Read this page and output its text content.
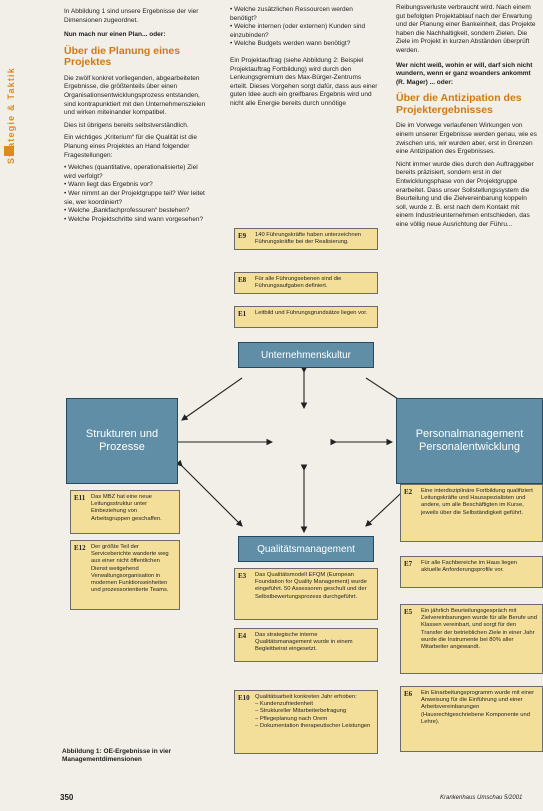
Strategie & Taktik

In Abbildung 1 sind unsere Ergebnisse der vier Dimensionen zugeordnet.

Nun mach nur einen Plan... oder:

Über die Planung eines Projektes

Die zwölf konkret vorliegenden, abgearbeiteten Ergebnisse, die größtenteils über einen Organisationsentwicklungsprozess entstanden, sind kontrapunktiert mit den Unternehmenszielen und wirken miteinander kompatibel.

Dies ist übrigens bereits selbstverständlich.

Ein wichtiges „Kriterium“ für die Qualität ist die Planung eines Projektes an Hand folgender Fragestellungen:

• Welches (quantitative, operationalisierte) Ziel wird verfolgt?
• Wann liegt das Ergebnis vor?
• Wer nimmt an der Projektgruppe teil? Wer leitet sie, wer koordiniert?
• Welche „Bankfachprofessuren“ bestehen?
• Welche Projektschritte sind wann vorgesehen?
• Welche zusätzlichen Ressourcen werden benötigt?
• Welche internen (oder externen) Kunden sind einzubinden?
• Welche Budgets werden wann benötigt?

Ein Projektauftrag (siehe Abbildung 2: Beispiel Projektauftrag Fortbildung) wird durch den Lenkungsgremium des Max-Bürger-Zentrums erteilt. Dieses Vorgehen sorgt dafür, dass aus einer guten Idee auch ein greifbares Ergebnis wird und nicht alle Energie bereits durch unnötige

Reibungsverluste verbraucht wird. Nach einem gut befolgten Projektablauf nach der Erwartung und der Planung einer Bankeinheit, das Projekte haben die Nachhaltigkeit, sondern Zielen. Die Ziele im Projekt in kurzen Abständen überprüft werden.

Wer nicht weiß, wohin er will, darf sich nicht wundern, wenn er ganz woanders ankommt (R. Mager) ... oder:

Über die Antizipation des Projektergebnisses

Die im Vorwege verlaufenen Wirkungen von einem unserer Ergebnisse werden genau, wie es zwischen uns, wir wurden aber, erst in Grenzen eine Antizipation des Ergebnisses.

Nicht immer wurde dies durch den Auftraggeber bereits präzisiert, sondern erst in der Entwicklungsphase von der Projektgruppe erarbeitet. Dass unser Sollstellungssystem die Beurteilung und die Zielvereinbarung koppeln soll, wurde z. B. erst nach dem Kontakt mit einem Industrieunternehmen entschieden, das eine völlig neue Ausrichtung der Führu...

E9 140 Führungskräfte haben unterzeichnen Führungskräfte bei der Realisierung.
E8 Für alle Führungsebenen sind die Führungsaufgaben definiert.
E1 Leitbild und Führungsgrundsätze liegen vor.
Unternehmenskultur
Strukturen und Prozesse
E11 Das MBZ hat eine neue Leitungsstruktur unter Einbeziehung von Arbeitsgruppen geschaffen.
E12 Der größte Teil der Serviceberichte wanderte weg aus einer nicht öffentlichen Dienst weitgehend Verwaltungsorganisation in modernen Funktionseinheiten und prozessorientierte Teams.
Personalmanagement Personalentwicklung
E2 Eine interdisziplinäre Fortbildung qualifiziert Leitungskräfte und Hausspezialisten und andere, um alle Beschäftigten im Kurse, jeweils über die Selbständigkeit geführt.
E7 Für alle Fachbereiche im Haus liegen aktuelle Anforderungsprofile vor.
E5 Ein jährlich Beurteilungsgespräch mit Zielvereinbarungen wurde für alle Berufe und Klassen vereinbart, und sorgt für den Transfer der betrieblichen Ziele in einer Jahr wurde die Instrumente bei 80% aller Mitarbeiter angewandt.
E6 Ein Einarbeitungsprogramm wurde mit einer Anweisung für die Einführung und einer Arbeitsvereinbarungen (Hausrechtgeschriebene Komponente und Lehre).
Qualitätsmanagement
E3 Das Qualitätsmodell EFQM (European Foundation for Quality Management) wurde eingeführt. 50 Assessoren geschult und der Selbstbewertungsprozess durchgeführt.
E4 Das strategische interne Qualitätsmanagement wurde in einem Begleitbeirat eingesetzt.
E10 Qualitätsarbeit konkreten Jahr erhoben:
– Kundenzufriedenheit
– Struktureller Mitarbeiterbefragung
– Pflegeplanung nach Orem
– Dokumentation therapeutischer Leistungen
Abbildung 1: OE-Ergebnisse in vier Managementdimensionen
350	Krankenhaus Umschau 5/2001
